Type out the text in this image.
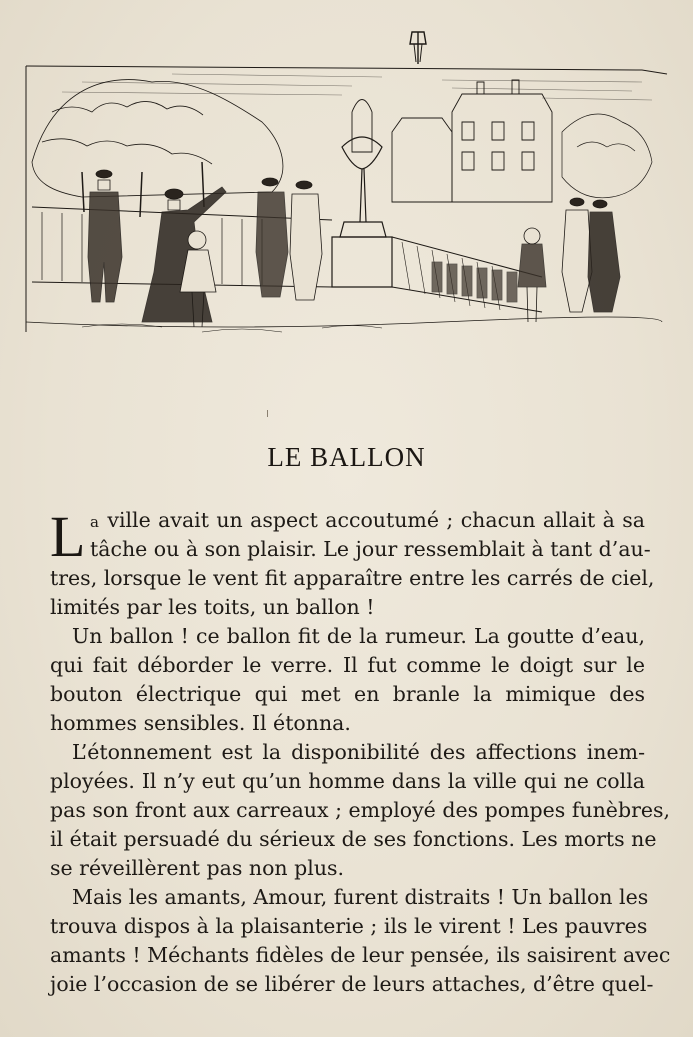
LE BALLON
L a ville avait un aspect accoutumé ; chacun allait à sa
tâche ou à son plaisir. Le jour ressemblait à tant d’au-
tres, lorsque le vent fit apparaître entre les carrés de ciel,
limités par les toits, un ballon !
Un ballon ! ce ballon fit de la rumeur. La goutte d’eau,
qui fait déborder le verre. Il fut comme le doigt sur le
bouton électrique qui met en branle la mimique des
hommes sensibles. Il étonna.
L’étonnement est la disponibilité des affections inem-
ployées. Il n’y eut qu’un homme dans la ville qui ne colla
pas son front aux carreaux ; employé des pompes funèbres,
il était persuadé du sérieux de ses fonctions. Les morts ne
se réveillèrent pas non plus.
Mais les amants, Amour, furent distraits ! Un ballon les
trouva dispos à la plaisanterie ; ils le virent ! Les pauvres
amants ! Méchants fidèles de leur pensée, ils saisirent avec
joie l’occasion de se libérer de leurs attaches, d’être quel-
